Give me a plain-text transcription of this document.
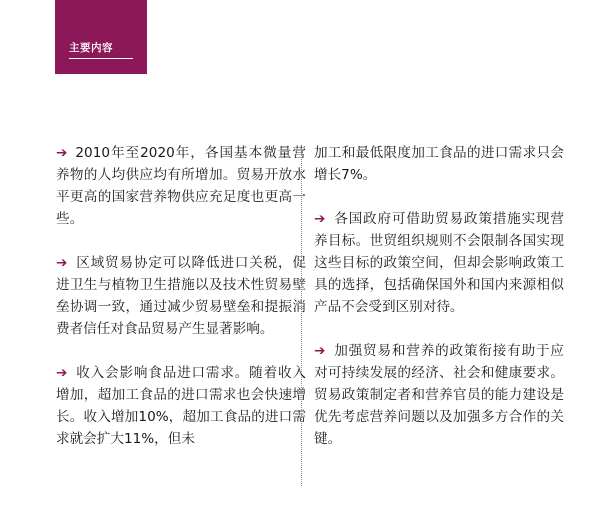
主要内容

➔ 2010年至2020年，各国基本微量营养物的人均供应均有所增加。贸易开放水平更高的国家营养物供应充足度也更高一些。

➔ 区域贸易协定可以降低进口关税，促进卫生与植物卫生措施以及技术性贸易壁垒协调一致，通过减少贸易壁垒和提振消费者信任对食品贸易产生显著影响。

➔ 收入会影响食品进口需求。随着收入增加，超加工食品的进口需求也会快速增长。收入增加10%，超加工食品的进口需求就会扩大11%，但未

加工和最低限度加工食品的进口需求只会增长7%。

➔ 各国政府可借助贸易政策措施实现营养目标。世贸组织规则不会限制各国实现这些目标的政策空间，但却会影响政策工具的选择，包括确保国外和国内来源相似产品不会受到区别对待。

➔ 加强贸易和营养的政策衔接有助于应对可持续发展的经济、社会和健康要求。贸易政策制定者和营养官员的能力建设是优先考虑营养问题以及加强多方合作的关键。
